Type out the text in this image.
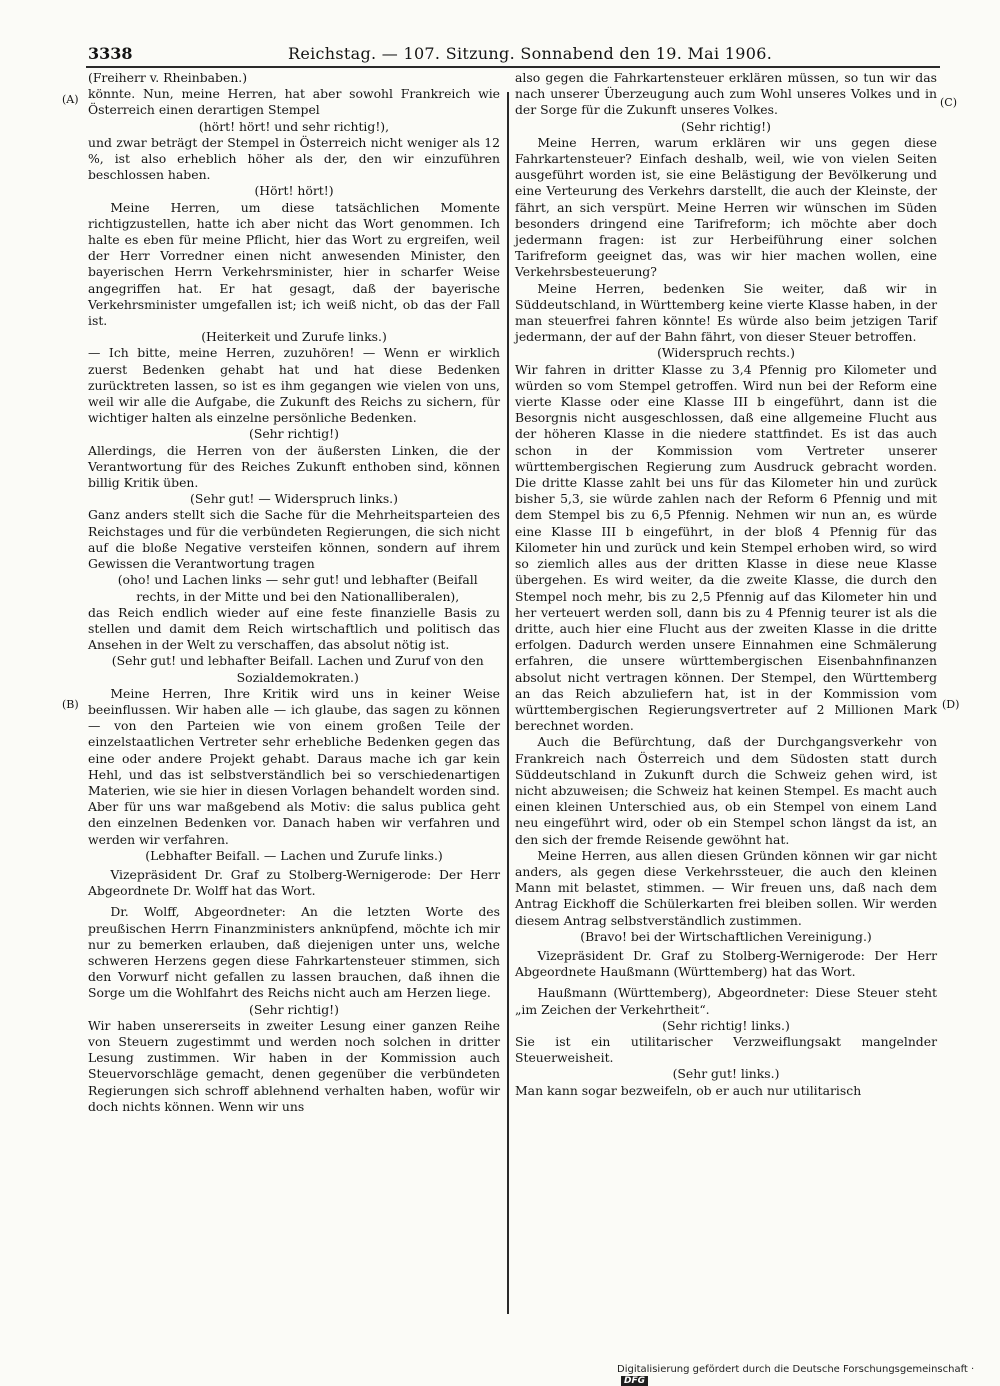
3338	Reichstag. — 107. Sitzung. Sonnabend den 19. Mai 1906.
(A)
(B)
(C)
(D)

(Freiherr v. Rheinbaben.)

könnte. Nun, meine Herren, hat aber sowohl Frankreich wie Österreich einen derartigen Stempel

(hört! hört! und sehr richtig!),

und zwar beträgt der Stempel in Österreich nicht weniger als 12 %, ist also erheblich höher als der, den wir einzuführen beschlossen haben.

(Hört! hört!)

Meine Herren, um diese tatsächlichen Momente richtigzustellen, hatte ich aber nicht das Wort genommen. Ich halte es eben für meine Pflicht, hier das Wort zu ergreifen, weil der Herr Vorredner einen nicht anwesenden Minister, den bayerischen Herrn Verkehrsminister, hier in scharfer Weise angegriffen hat. Er hat gesagt, daß der bayerische Verkehrsminister umgefallen ist; ich weiß nicht, ob das der Fall ist.

(Heiterkeit und Zurufe links.)

— Ich bitte, meine Herren, zuzuhören! — Wenn er wirklich zuerst Bedenken gehabt hat und hat diese Bedenken zurücktreten lassen, so ist es ihm gegangen wie vielen von uns, weil wir alle die Aufgabe, die Zukunft des Reichs zu sichern, für wichtiger halten als einzelne persönliche Bedenken.

(Sehr richtig!)

Allerdings, die Herren von der äußersten Linken, die der Verantwortung für des Reiches Zukunft enthoben sind, können billig Kritik üben.

(Sehr gut! — Widerspruch links.)

Ganz anders stellt sich die Sache für die Mehrheitsparteien des Reichstages und für die verbündeten Regierungen, die sich nicht auf die bloße Negative versteifen können, sondern auf ihrem Gewissen die Verantwortung tragen

(oho! und Lachen links — sehr gut! und lebhafter (Beifall rechts, in der Mitte und bei den Nationalliberalen),

das Reich endlich wieder auf eine feste finanzielle Basis zu stellen und damit dem Reich wirtschaftlich und politisch das Ansehen in der Welt zu verschaffen, das absolut nötig ist.

(Sehr gut! und lebhafter Beifall. Lachen und Zuruf von den Sozialdemokraten.)

Meine Herren, Ihre Kritik wird uns in keiner Weise beeinflussen. Wir haben alle — ich glaube, das sagen zu können — von den Parteien wie von einem großen Teile der einzelstaatlichen Vertreter sehr erhebliche Bedenken gegen das eine oder andere Projekt gehabt. Daraus mache ich gar kein Hehl, und das ist selbstverständlich bei so verschiedenartigen Materien, wie sie hier in diesen Vorlagen behandelt worden sind. Aber für uns war maßgebend als Motiv: die salus publica geht den einzelnen Bedenken vor. Danach haben wir verfahren und werden wir verfahren.

(Lebhafter Beifall. — Lachen und Zurufe links.)

Vizepräsident Dr. Graf zu Stolberg-Wernigerode: Der Herr Abgeordnete Dr. Wolff hat das Wort.

Dr. Wolff, Abgeordneter: An die letzten Worte des preußischen Herrn Finanzministers anknüpfend, möchte ich mir nur zu bemerken erlauben, daß diejenigen unter uns, welche schweren Herzens gegen diese Fahrkartensteuer stimmen, sich den Vorwurf nicht gefallen zu lassen brauchen, daß ihnen die Sorge um die Wohlfahrt des Reichs nicht auch am Herzen liege.

(Sehr richtig!)

Wir haben unsererseits in zweiter Lesung einer ganzen Reihe von Steuern zugestimmt und werden noch solchen in dritter Lesung zustimmen. Wir haben in der Kommission auch Steuervorschläge gemacht, denen gegenüber die verbündeten Regierungen sich schroff ablehnend verhalten haben, wofür wir doch nichts können. Wenn wir uns

also gegen die Fahrkartensteuer erklären müssen, so tun wir das nach unserer Überzeugung auch zum Wohl unseres Volkes und in der Sorge für die Zukunft unseres Volkes.

(Sehr richtig!)

Meine Herren, warum erklären wir uns gegen diese Fahrkartensteuer? Einfach deshalb, weil, wie von vielen Seiten ausgeführt worden ist, sie eine Belästigung der Bevölkerung und eine Verteurung des Verkehrs darstellt, die auch der Kleinste, der fährt, an sich verspürt. Meine Herren wir wünschen im Süden besonders dringend eine Tarifreform; ich möchte aber doch jedermann fragen: ist zur Herbeiführung einer solchen Tarifreform geeignet das, was wir hier machen wollen, eine Verkehrsbesteuerung?

Meine Herren, bedenken Sie weiter, daß wir in Süddeutschland, in Württemberg keine vierte Klasse haben, in der man steuerfrei fahren könnte! Es würde also beim jetzigen Tarif jedermann, der auf der Bahn fährt, von dieser Steuer betroffen.

(Widerspruch rechts.)

Wir fahren in dritter Klasse zu 3,4 Pfennig pro Kilometer und würden so vom Stempel getroffen. Wird nun bei der Reform eine vierte Klasse oder eine Klasse III b eingeführt, dann ist die Besorgnis nicht ausgeschlossen, daß eine allgemeine Flucht aus der höheren Klasse in die niedere stattfindet. Es ist das auch schon in der Kommission vom Vertreter unserer württembergischen Regierung zum Ausdruck gebracht worden. Die dritte Klasse zahlt bei uns für das Kilometer hin und zurück bisher 5,3, sie würde zahlen nach der Reform 6 Pfennig und mit dem Stempel bis zu 6,5 Pfennig. Nehmen wir nun an, es würde eine Klasse III b eingeführt, in der bloß 4 Pfennig für das Kilometer hin und zurück und kein Stempel erhoben wird, so wird so ziemlich alles aus der dritten Klasse in diese neue Klasse übergehen. Es wird weiter, da die zweite Klasse, die durch den Stempel noch mehr, bis zu 2,5 Pfennig auf das Kilometer hin und her verteuert werden soll, dann bis zu 4 Pfennig teurer ist als die dritte, auch hier eine Flucht aus der zweiten Klasse in die dritte erfolgen. Dadurch werden unsere Einnahmen eine Schmälerung erfahren, die unsere württembergischen Eisenbahnfinanzen absolut nicht vertragen können. Der Stempel, den Württemberg an das Reich abzuliefern hat, ist in der Kommission vom württembergischen Regierungsvertreter auf 2 Millionen Mark berechnet worden.

Auch die Befürchtung, daß der Durchgangsverkehr von Frankreich nach Österreich und dem Südosten statt durch Süddeutschland in Zukunft durch die Schweiz gehen wird, ist nicht abzuweisen; die Schweiz hat keinen Stempel. Es macht auch einen kleinen Unterschied aus, ob ein Stempel von einem Land neu eingeführt wird, oder ob ein Stempel schon längst da ist, an den sich der fremde Reisende gewöhnt hat.

Meine Herren, aus allen diesen Gründen können wir gar nicht anders, als gegen diese Verkehrssteuer, die auch den kleinen Mann mit belastet, stimmen. — Wir freuen uns, daß nach dem Antrag Eickhoff die Schülerkarten frei bleiben sollen. Wir werden diesem Antrag selbstverständlich zustimmen.

(Bravo! bei der Wirtschaftlichen Vereinigung.)

Vizepräsident Dr. Graf zu Stolberg-Wernigerode: Der Herr Abgeordnete Haußmann (Württemberg) hat das Wort.

Haußmann (Württemberg), Abgeordneter: Diese Steuer steht „im Zeichen der Verkehrtheit“.

(Sehr richtig! links.)

Sie ist ein utilitarischer Verzweiflungsakt mangelnder Steuerweisheit.

(Sehr gut! links.)

Man kann sogar bezweifeln, ob er auch nur utilitarisch

Digitalisierung gefördert durch die Deutsche Forschungsgemeinschaft · DFG
